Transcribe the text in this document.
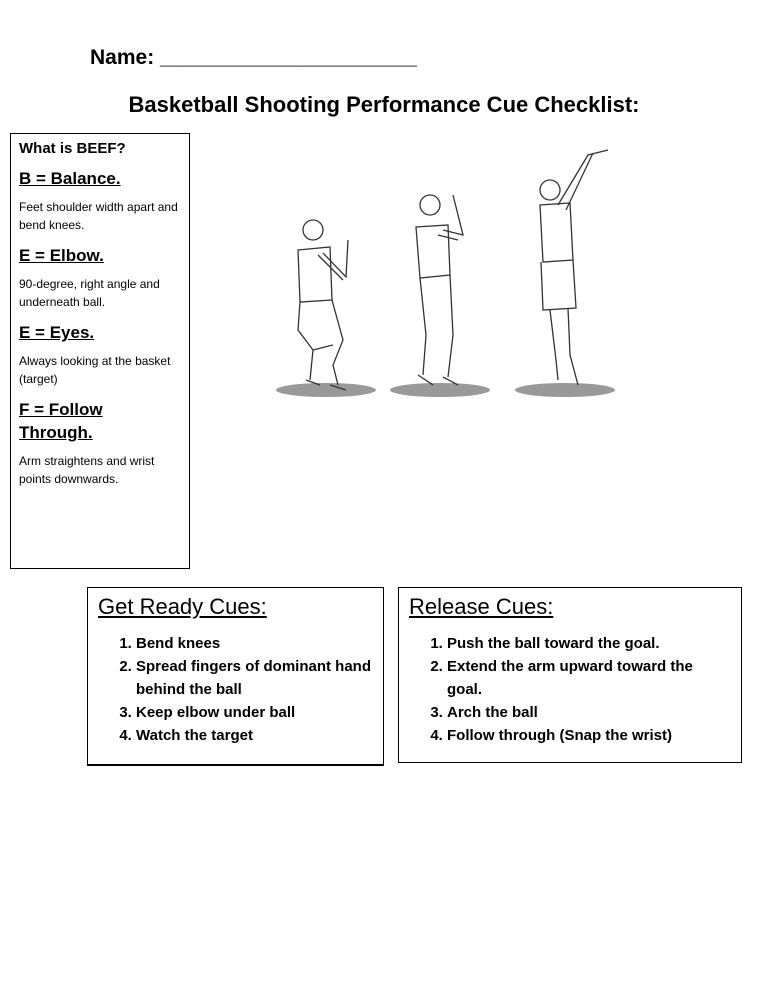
Name: ______________________
Basketball Shooting Performance Cue Checklist:
What is BEEF?
B = Balance.

Feet shoulder width apart and bend knees.

E = Elbow.

90-degree, right angle and underneath ball.

E = Eyes.

Always looking at the basket (target)

F = Follow Through.

Arm straightens and wrist points downwards.

Get Ready Cues:
1. Bend knees
2. Spread fingers of dominant hand behind the ball
3. Keep elbow under ball
4. Watch the target
Release Cues:
1. Push the ball toward the goal.
2. Extend the arm upward toward the goal.
3. Arch the ball
4. Follow through (Snap the wrist)
